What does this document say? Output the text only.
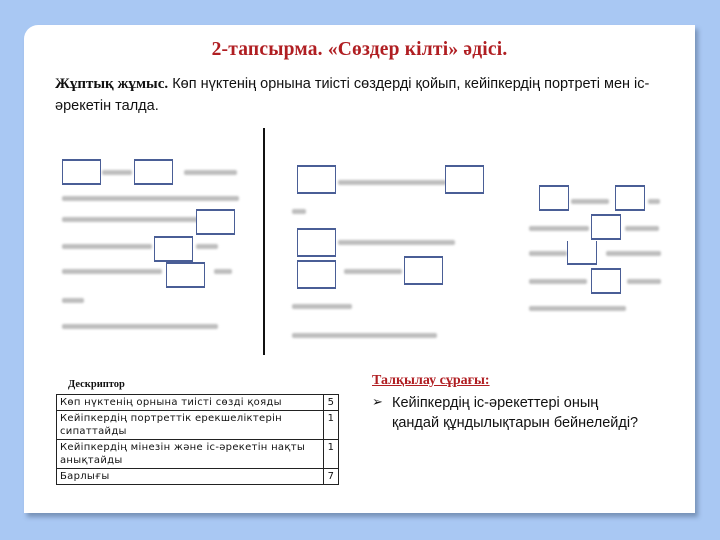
2-тапсырма. «Сөздер кілті» әдісі.
Жұптық жұмыс. Көп нүктенің орнына тиісті сөздерді қойып, кейіпкердің портреті мен іс-әрекетін талда.
Дескриптор
Көп нүктенің орнына тиісті сөзді қояды	5
Кейіпкердің портреттік ерекшеліктерін сипаттайды	1
Кейіпкердің мінезін және іс-әрекетін нақты анықтайды	1
Барлығы	7
Талқылау сұрағы:
➢ Кейіпкердің іс-әрекеттері оның қандай құндылықтарын бейнелейді?
